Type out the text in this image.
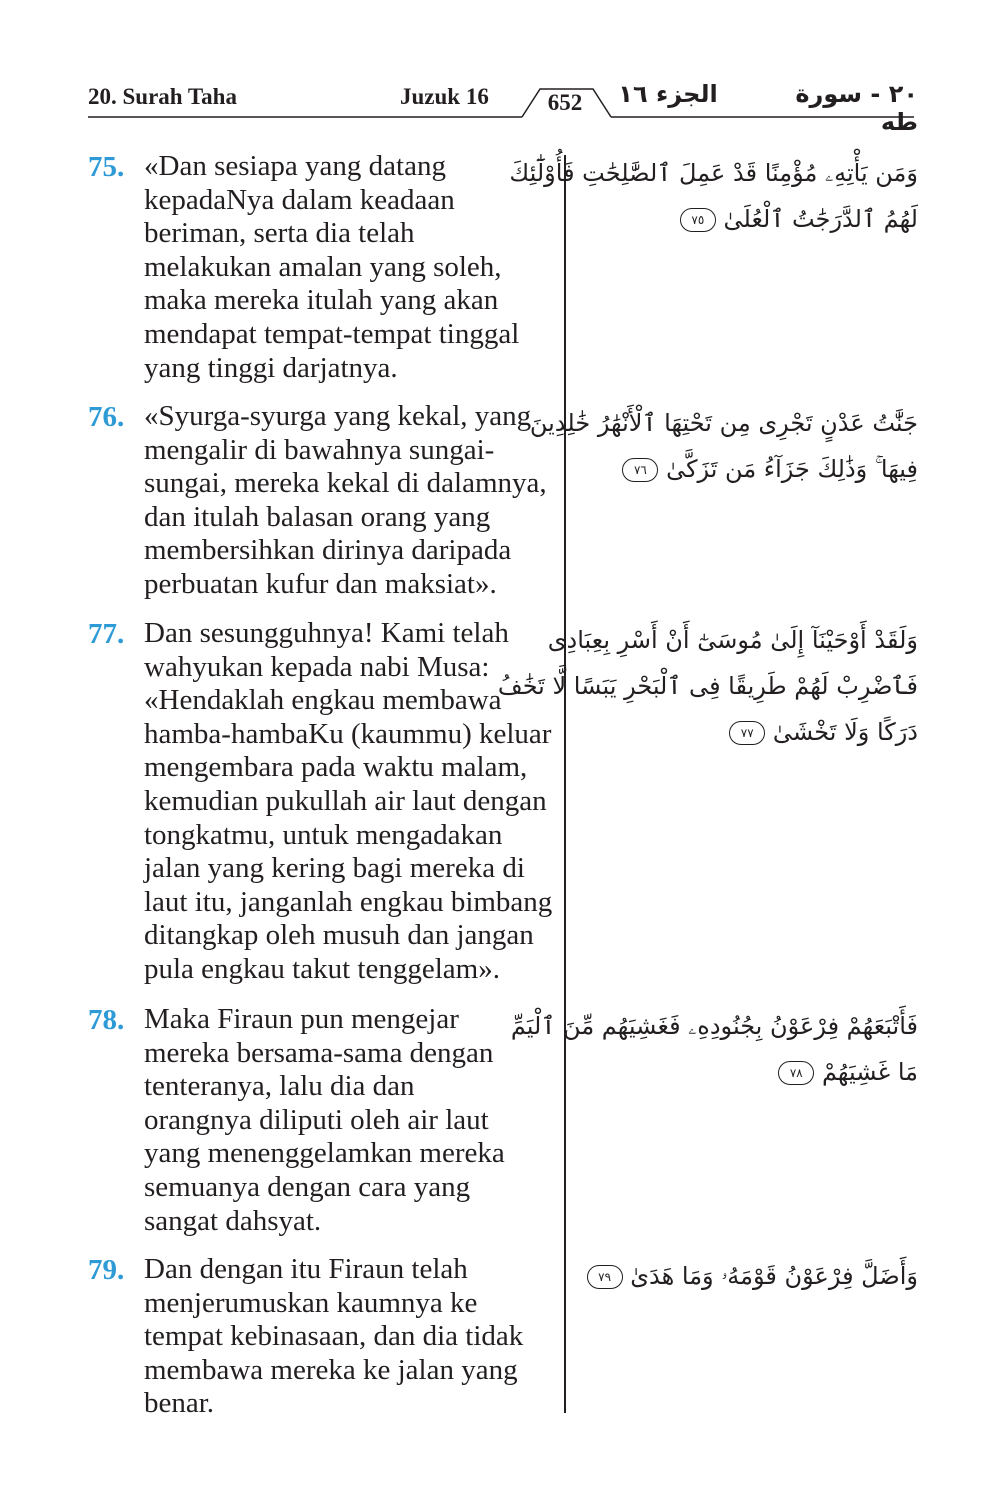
20. Surah Taha	Juzuk 16	652	الجزء ١٦	٢٠ - سورة طه
75. «Dan sesiapa yang datang
kepadaNya dalam keadaan
beriman, serta dia telah
melakukan amalan yang soleh,
maka mereka itulah yang akan
mendapat tempat-tempat tinggal
yang tinggi darjatnya.
وَمَن يَأْتِهِۦ مُؤْمِنًا قَدْ عَمِلَ ٱلصَّٰلِحَٰتِ فَأُوْلَٰٓئِكَ
لَهُمُ ٱلدَّرَجَٰتُ ٱلْعُلَىٰ ٧٥
76. «Syurga-syurga yang kekal, yang
mengalir di bawahnya sungai-
sungai, mereka kekal di dalamnya,
dan itulah balasan orang yang
membersihkan dirinya daripada
perbuatan kufur dan maksiat».
جَنَّٰتُ عَدْنٍ تَجْرِى مِن تَحْتِهَا ٱلْأَنْهَٰرُ خَٰلِدِينَ
فِيهَا ۚ وَذَٰلِكَ جَزَآءُ مَن تَزَكَّىٰ ٧٦
77. Dan sesungguhnya! Kami telah
wahyukan kepada nabi Musa:
«Hendaklah engkau membawa
hamba-hambaKu (kaummu) keluar
mengembara pada waktu malam,
kemudian pukullah air laut dengan
tongkatmu, untuk mengadakan
jalan yang kering bagi mereka di
laut itu, janganlah engkau bimbang
ditangkap oleh musuh dan jangan
pula engkau takut tenggelam».
وَلَقَدْ أَوْحَيْنَآ إِلَىٰ مُوسَىٰٓ أَنْ أَسْرِ بِعِبَادِى
فَٱضْرِبْ لَهُمْ طَرِيقًا فِى ٱلْبَحْرِ يَبَسًا لَّا تَخَٰفُ
دَرَكًا وَلَا تَخْشَىٰ ٧٧
78. Maka Firaun pun mengejar
mereka bersama-sama dengan
tenteranya, lalu dia dan
orangnya diliputi oleh air laut
yang menenggelamkan mereka
semuanya dengan cara yang
sangat dahsyat.
فَأَتْبَعَهُمْ فِرْعَوْنُ بِجُنُودِهِۦ فَغَشِيَهُم مِّنَ ٱلْيَمِّ
مَا غَشِيَهُمْ ٧٨
79. Dan dengan itu Firaun telah
menjerumuskan kaumnya ke
tempat kebinasaan, dan dia tidak
membawa mereka ke jalan yang
benar.
وَأَضَلَّ فِرْعَوْنُ قَوْمَهُۥ وَمَا هَدَىٰ ٧٩
